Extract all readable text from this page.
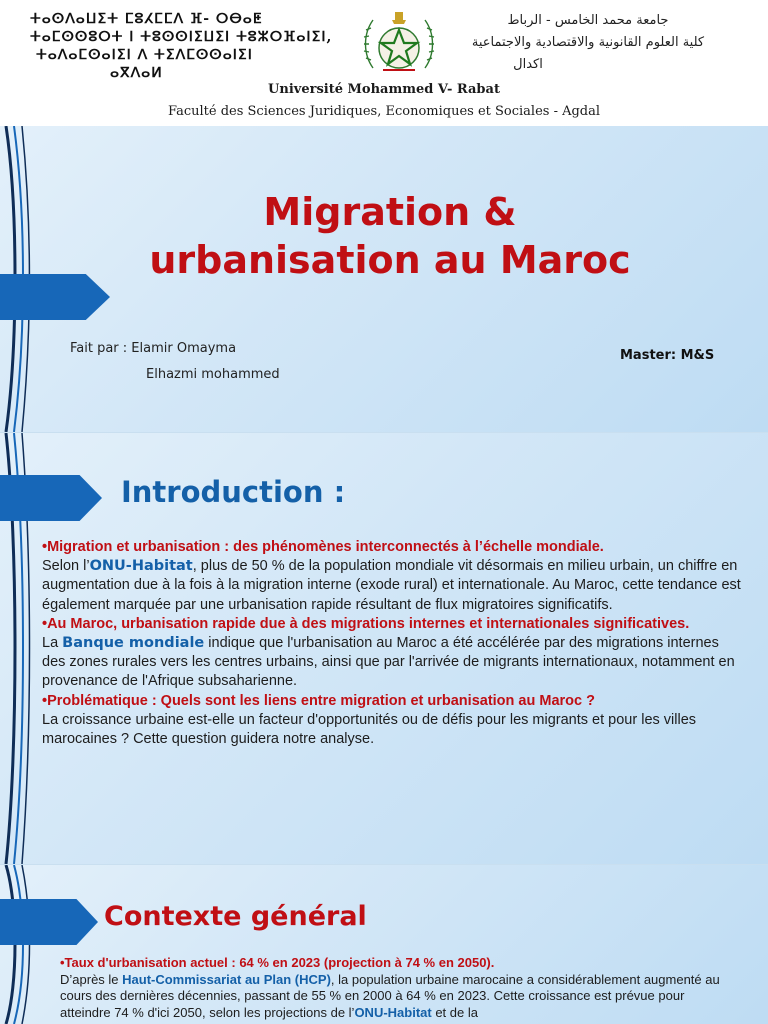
ⵜⴰⵙⴷⴰⵡⵉⵜ ⵎⵓⵃⵎⵎⴷ ⴼ- ⵔⴱⴰⵟ
ⵜⴰⵎⵙⵙⵓⵔⵜ ⵏ ⵜⵓⵙⵙⵏⵉⵡⵉⵏ ⵜⵓⵣⵔⴼⴰⵏⵉⵏ,
ⵜⴰⴷⴰⵎⵙⴰⵏⵉⵏ ⴷ ⵜⵉⴷⵎⵙⵙⴰⵏⵉⵏ
ⴰⴳⴷⴰⵍ
جامعة محمد الخامس - الرباط
كلية العلوم القانونية والاقتصادية والاجتماعية
اكدال
Université Mohammed V- Rabat
Faculté des Sciences Juridiques, Economiques et Sociales - Agdal
Migration &
urbanisation au Maroc
Fait par : Elamir Omayma
Elhazmi mohammed
Master: M&S
Introduction :

•Migration et urbanisation : des phénomènes interconnectés à l’échelle mondiale.

Selon l’ONU-Habitat, plus de 50 % de la population mondiale vit désormais en milieu urbain, un chiffre en augmentation due à la fois à la migration interne (exode rural) et internationale. Au Maroc, cette tendance est également marquée par une urbanisation rapide résultant de flux migratoires significatifs.

•Au Maroc, urbanisation rapide due à des migrations internes et internationales significatives.

La Banque mondiale indique que l'urbanisation au Maroc a été accélérée par des migrations internes des zones rurales vers les centres urbains, ainsi que par l'arrivée de migrants internationaux, notamment en provenance de l'Afrique subsaharienne.

•Problématique : Quels sont les liens entre migration et urbanisation au Maroc ?

La croissance urbaine est-elle un facteur d'opportunités ou de défis pour les migrants et pour les villes marocaines ? Cette question guidera notre analyse.

Contexte général

•Taux d'urbanisation actuel : 64 % en 2023 (projection à 74 % en 2050).

D’après le Haut-Commissariat au Plan (HCP), la population urbaine marocaine a considérablement augmenté au cours des dernières décennies, passant de 55 % en 2000 à 64 % en 2023. Cette croissance est prévue pour atteindre 74 % d'ici 2050, selon les projections de l’ONU-Habitat et de la
